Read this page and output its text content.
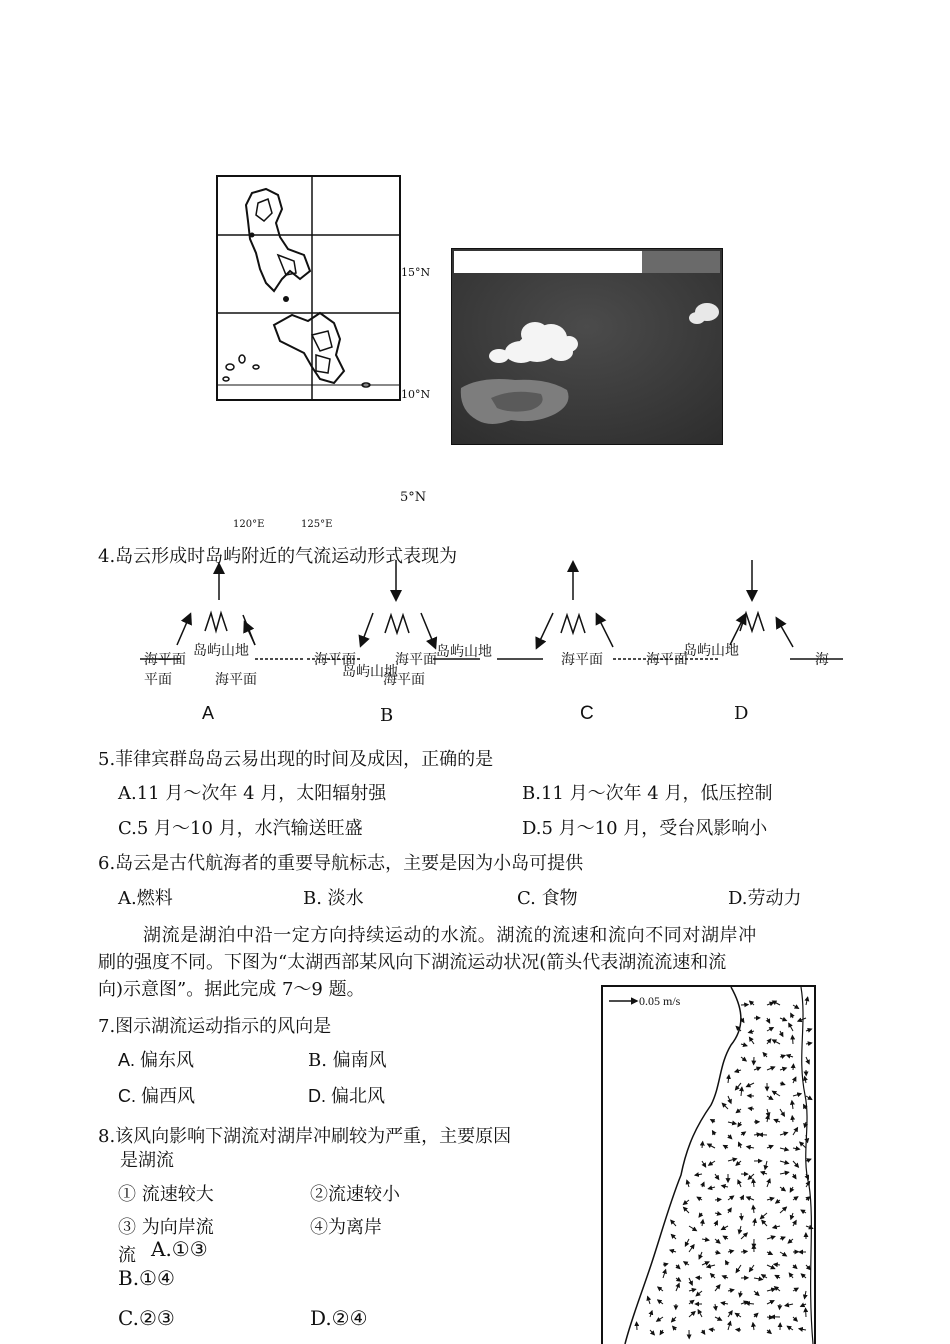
15°N
10°N
5°N
120°E	125°E
4.岛云形成时岛屿附近的气流运动形式表现为
海平面
平面
岛屿山地
海平面
海平面
岛屿山地
海平面
海平面
岛屿山地	海平面	海平面
岛屿山地
海
A	B	C	D
5.菲律宾群岛岛云易出现的时间及成因，正确的是
A.11 月～次年 4 月，太阳辐射强	B.11 月～次年 4 月，低压控制
C.5 月～10 月，水汽输送旺盛	D.5 月～10 月，受台风影响小
6.岛云是古代航海者的重要导航标志，主要是因为小岛可提供
A.燃料	B. 淡水	C. 食物	D.劳动力
湖流是湖泊中沿一定方向持续运动的水流。湖流的流速和流向不同对湖岸冲
刷的强度不同。下图为“太湖西部某风向下湖流运动状况(箭头代表湖流流速和流
向)示意图”。据此完成 7～9 题。
0.05 m/s
7.图示湖流运动指示的风向是
A. 偏东风	B. 偏南风
C. 偏西风	D. 偏北风
8.该风向影响下湖流对湖岸冲刷较为严重，主要原因
是湖流
① 流速较大	②流速较小
③ 为向岸流	④为离岸
流 A.①③
B.①④
C.②③	D.②④
